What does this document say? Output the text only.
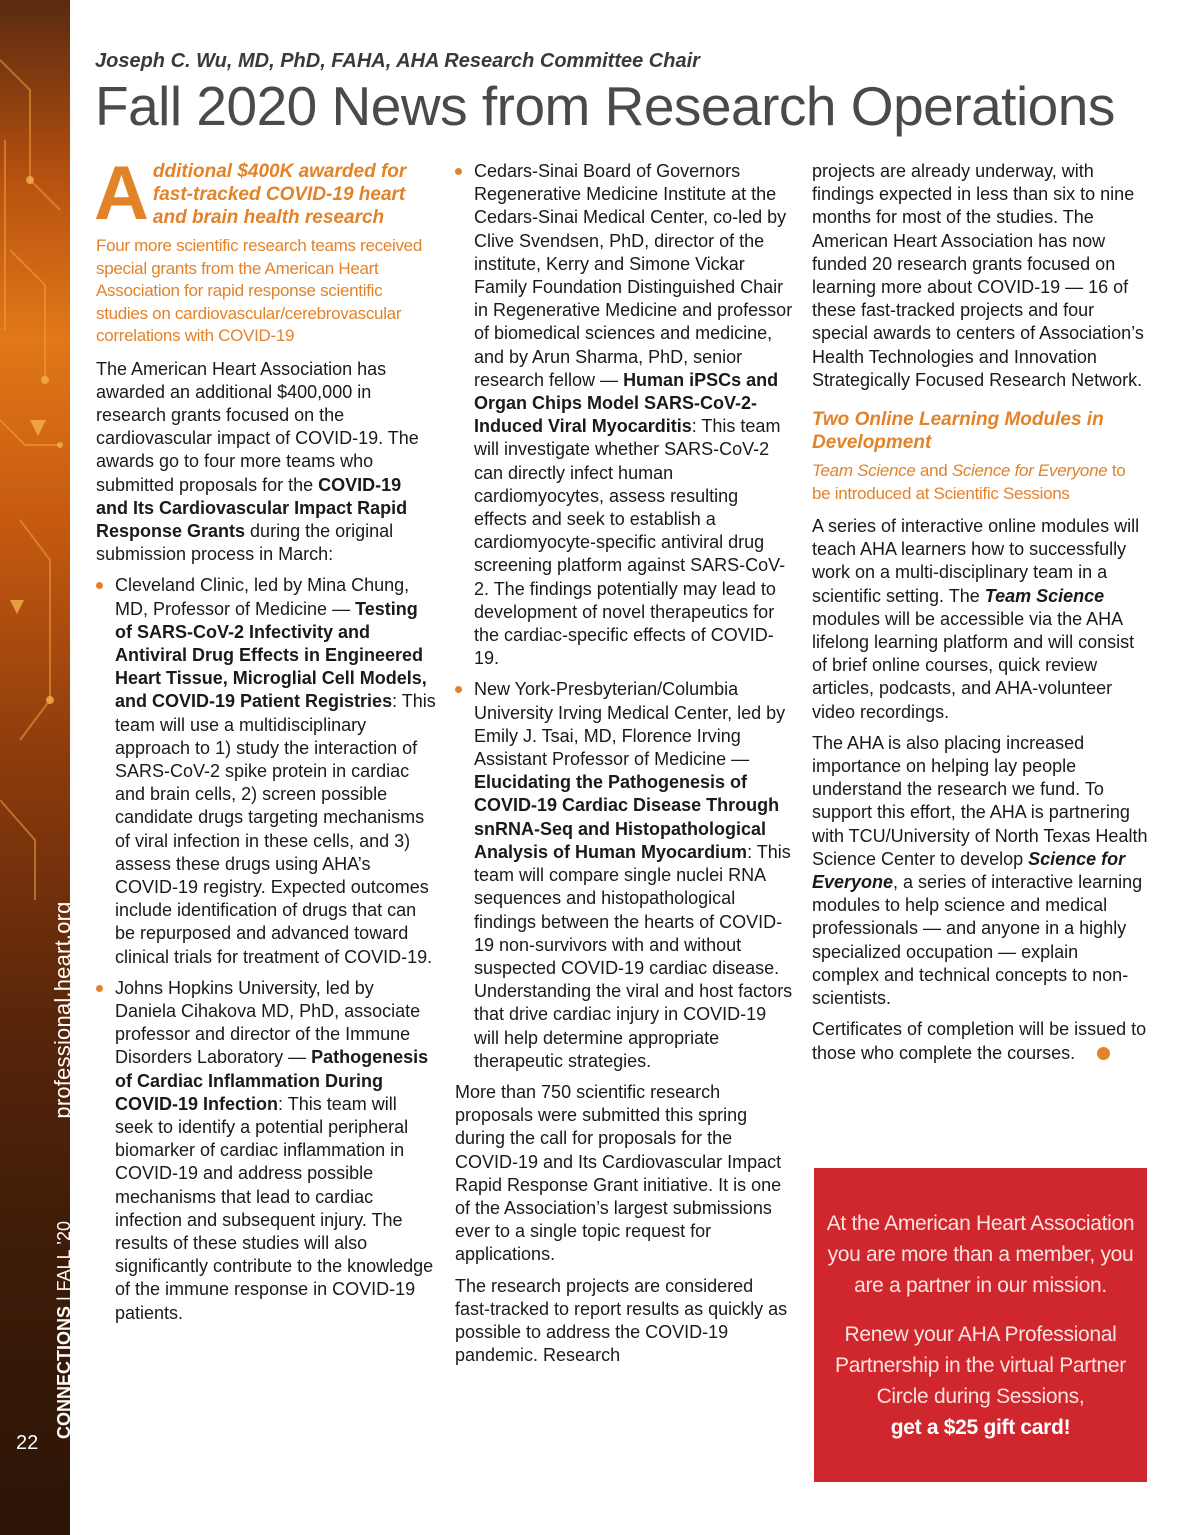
professional.heart.org
CONNECTIONS | FALL ’20
22
Joseph C. Wu, MD, PhD, FAHA, AHA Research Committee Chair
Fall 2020 News from Research Operations
A dditional $400K awarded for fast-tracked COVID-19 heart and brain health research
Four more scientific research teams received special grants from the American Heart Association for rapid response scientific studies on cardiovascular/cerebrovascular correlations with COVID-19

The American Heart Association has awarded an additional $400,000 in research grants focused on the cardiovascular impact of COVID-19. The awards go to four more teams who submitted proposals for the COVID-19 and Its Cardiovascular Impact Rapid Response Grants during the original submission process in March:

Cleveland Clinic, led by Mina Chung, MD, Professor of Medicine — Testing of SARS-CoV-2 Infectivity and Antiviral Drug Effects in Engineered Heart Tissue, Microglial Cell Models, and COVID-19 Patient Registries: This team will use a multidisciplinary approach to 1) study the interaction of SARS-CoV-2 spike protein in cardiac and brain cells, 2) screen possible candidate drugs targeting mechanisms of viral infection in these cells, and 3) assess these drugs using AHA’s COVID-19 registry. Expected outcomes include identification of drugs that can be repurposed and advanced toward clinical trials for treatment of COVID-19.
Johns Hopkins University, led by Daniela Cihakova MD, PhD, associate professor and director of the Immune Disorders Laboratory — Pathogenesis of Cardiac Inflammation During COVID-19 Infection: This team will seek to identify a potential peripheral biomarker of cardiac inflammation in COVID-19 and address possible mechanisms that lead to cardiac infection and subsequent injury. The results of these studies will also significantly contribute to the knowledge of the immune response in COVID-19 patients.
Cedars-Sinai Board of Governors Regenerative Medicine Institute at the Cedars-Sinai Medical Center, co-led by Clive Svendsen, PhD, director of the institute, Kerry and Simone Vickar Family Foundation Distinguished Chair in Regenerative Medicine and professor of biomedical sciences and medicine, and by Arun Sharma, PhD, senior research fellow — Human iPSCs and Organ Chips Model SARS-CoV-2-Induced Viral Myocarditis: This team will investigate whether SARS-CoV-2 can directly infect human cardiomyocytes, assess resulting effects and seek to establish a cardiomyocyte-specific antiviral drug screening platform against SARS-CoV-2. The findings potentially may lead to development of novel therapeutics for the cardiac-specific effects of COVID-19.
New York-Presbyterian/Columbia University Irving Medical Center, led by Emily J. Tsai, MD, Florence Irving Assistant Professor of Medicine — Elucidating the Pathogenesis of COVID-19 Cardiac Disease Through snRNA-Seq and Histopathological Analysis of Human Myocardium: This team will compare single nuclei RNA sequences and histopathological findings between the hearts of COVID-19 non-survivors with and without suspected COVID-19 cardiac disease. Understanding the viral and host factors that drive cardiac injury in COVID-19 will help determine appropriate therapeutic strategies.

More than 750 scientific research proposals were submitted this spring during the call for proposals for the COVID-19 and Its Cardiovascular Impact Rapid Response Grant initiative. It is one of the Association’s largest submissions ever to a single topic request for applications.

The research projects are considered fast-tracked to report results as quickly as possible to address the COVID-19 pandemic. Research

projects are already underway, with findings expected in less than six to nine months for most of the studies. The American Heart Association has now funded 20 research grants focused on learning more about COVID-19 — 16 of these fast-tracked projects and four special awards to centers of Association’s Health Technologies and Innovation Strategically Focused Research Network.

Two Online Learning Modules in Development
Team Science and Science for Everyone to be introduced at Scientific Sessions

A series of interactive online modules will teach AHA learners how to successfully work on a multi-disciplinary team in a scientific setting. The Team Science modules will be accessible via the AHA lifelong learning platform and will consist of brief online courses, quick review articles, podcasts, and AHA-volunteer video recordings.

The AHA is also placing increased importance on helping lay people understand the research we fund. To support this effort, the AHA is partnering with TCU/University of North Texas Health Science Center to develop Science for Everyone, a series of interactive learning modules to help science and medical professionals — and anyone in a highly specialized occupation — explain complex and technical concepts to non-scientists.

Certificates of completion will be issued to those who complete the courses.

At the American Heart Association you are more than a member, you are a partner in our mission.

Renew your AHA Professional Partnership in the virtual Partner Circle during Sessions,
get a $25 gift card!
